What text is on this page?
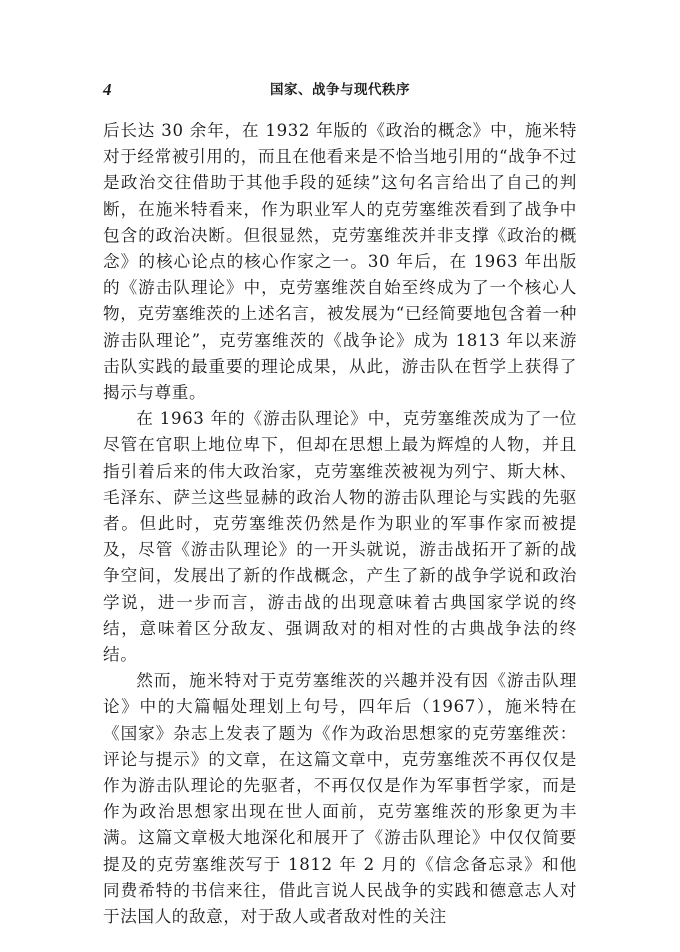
4	国家、战争与现代秩序

后长达 30 余年，在 1932 年版的《政治的概念》中，施米特对于经常被引用的，而且在他看来是不恰当地引用的“战争不过是政治交往借助于其他手段的延续”这句名言给出了自己的判断，在施米特看来，作为职业军人的克劳塞维茨看到了战争中包含的政治决断。但很显然，克劳塞维茨并非支撑《政治的概念》的核心论点的核心作家之一。30 年后，在 1963 年出版的《游击队理论》中，克劳塞维茨自始至终成为了一个核心人物，克劳塞维茨的上述名言，被发展为“已经简要地包含着一种游击队理论”，克劳塞维茨的《战争论》成为 1813 年以来游击队实践的最重要的理论成果，从此，游击队在哲学上获得了揭示与尊重。

在 1963 年的《游击队理论》中，克劳塞维茨成为了一位尽管在官职上地位卑下，但却在思想上最为辉煌的人物，并且指引着后来的伟大政治家，克劳塞维茨被视为列宁、斯大林、毛泽东、萨兰这些显赫的政治人物的游击队理论与实践的先驱者。但此时，克劳塞维茨仍然是作为职业的军事作家而被提及，尽管《游击队理论》的一开头就说，游击战拓开了新的战争空间，发展出了新的作战概念，产生了新的战争学说和政治学说，进一步而言，游击战的出现意味着古典国家学说的终结，意味着区分敌友、强调敌对的相对性的古典战争法的终结。

然而，施米特对于克劳塞维茨的兴趣并没有因《游击队理论》中的大篇幅处理划上句号，四年后（1967），施米特在《国家》杂志上发表了题为《作为政治思想家的克劳塞维茨：评论与提示》的文章，在这篇文章中，克劳塞维茨不再仅仅是作为游击队理论的先驱者，不再仅仅是作为军事哲学家，而是作为政治思想家出现在世人面前，克劳塞维茨的形象更为丰满。这篇文章极大地深化和展开了《游击队理论》中仅仅简要提及的克劳塞维茨写于 1812 年 2 月的《信念备忘录》和他同费希特的书信来往，借此言说人民战争的实践和德意志人对于法国人的敌意，对于敌人或者敌对性的关注
